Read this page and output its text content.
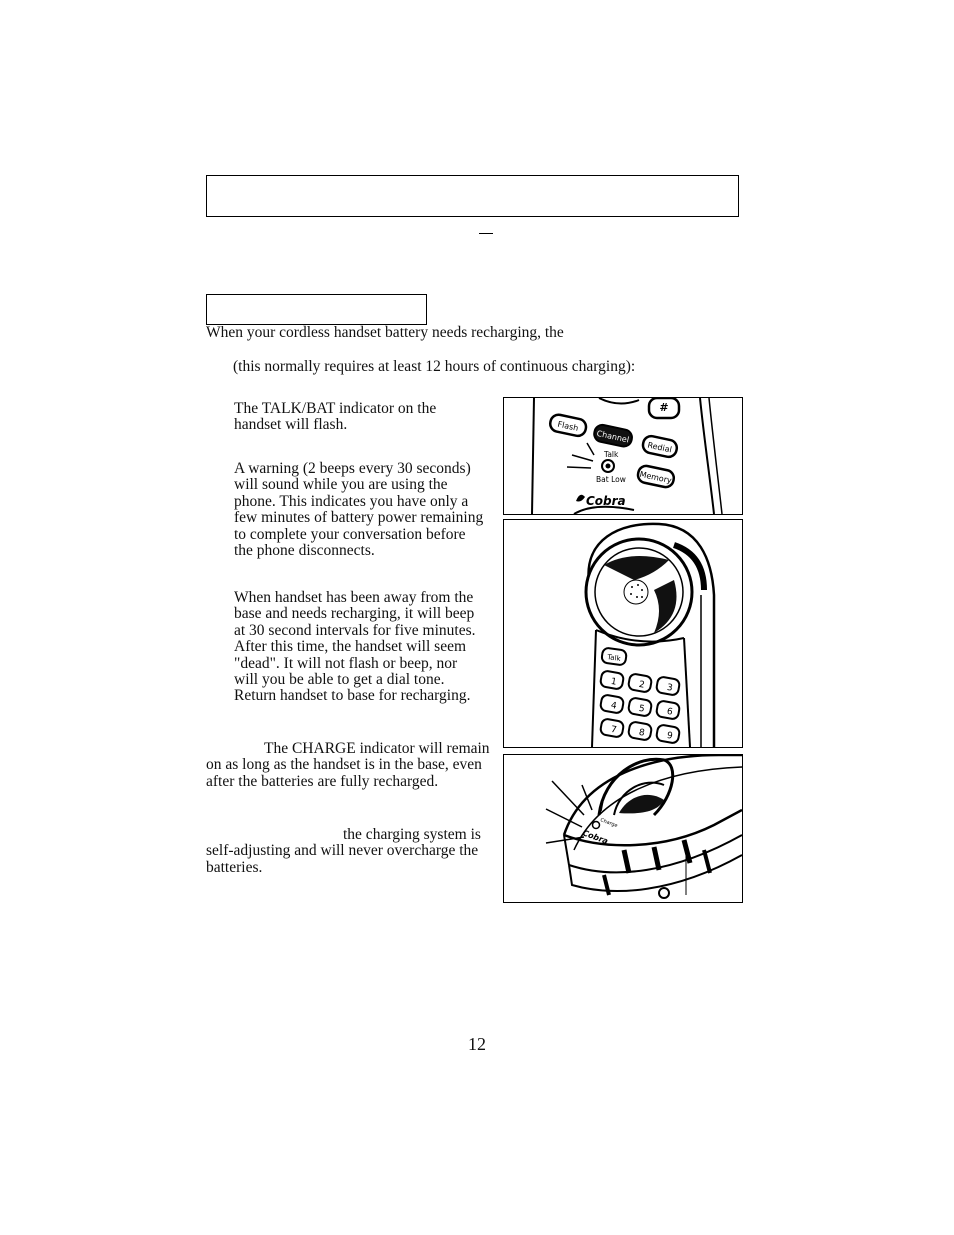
When your cordless handset battery needs recharging, the
(this normally requires at least 12 hours of continuous charging):
The TALK/BAT indicator on the handset will flash.
A warning (2 beeps every 30 seconds) will sound while you are using the phone. This indicates you have only a few minutes of battery power remaining to complete your conversation before the phone disconnects.
When handset has been away from the base and needs recharging, it will beep at 30 second intervals for five minutes. After this time, the handset will seem "dead". It will not flash or beep, nor will you be able to get a dial tone. Return handset to base for recharging.
The CHARGE indicator will remain on as long as the handset is in the base, even after the batteries are fully recharged.
the charging system is self-adjusting and will never overcharge the batteries.
12
#
Flash
Channel
Redial
Memory
Talk
Bat Low
Cobra
Talk
1 2 3
4 5 6
7 8 9
Charge
Cobra
